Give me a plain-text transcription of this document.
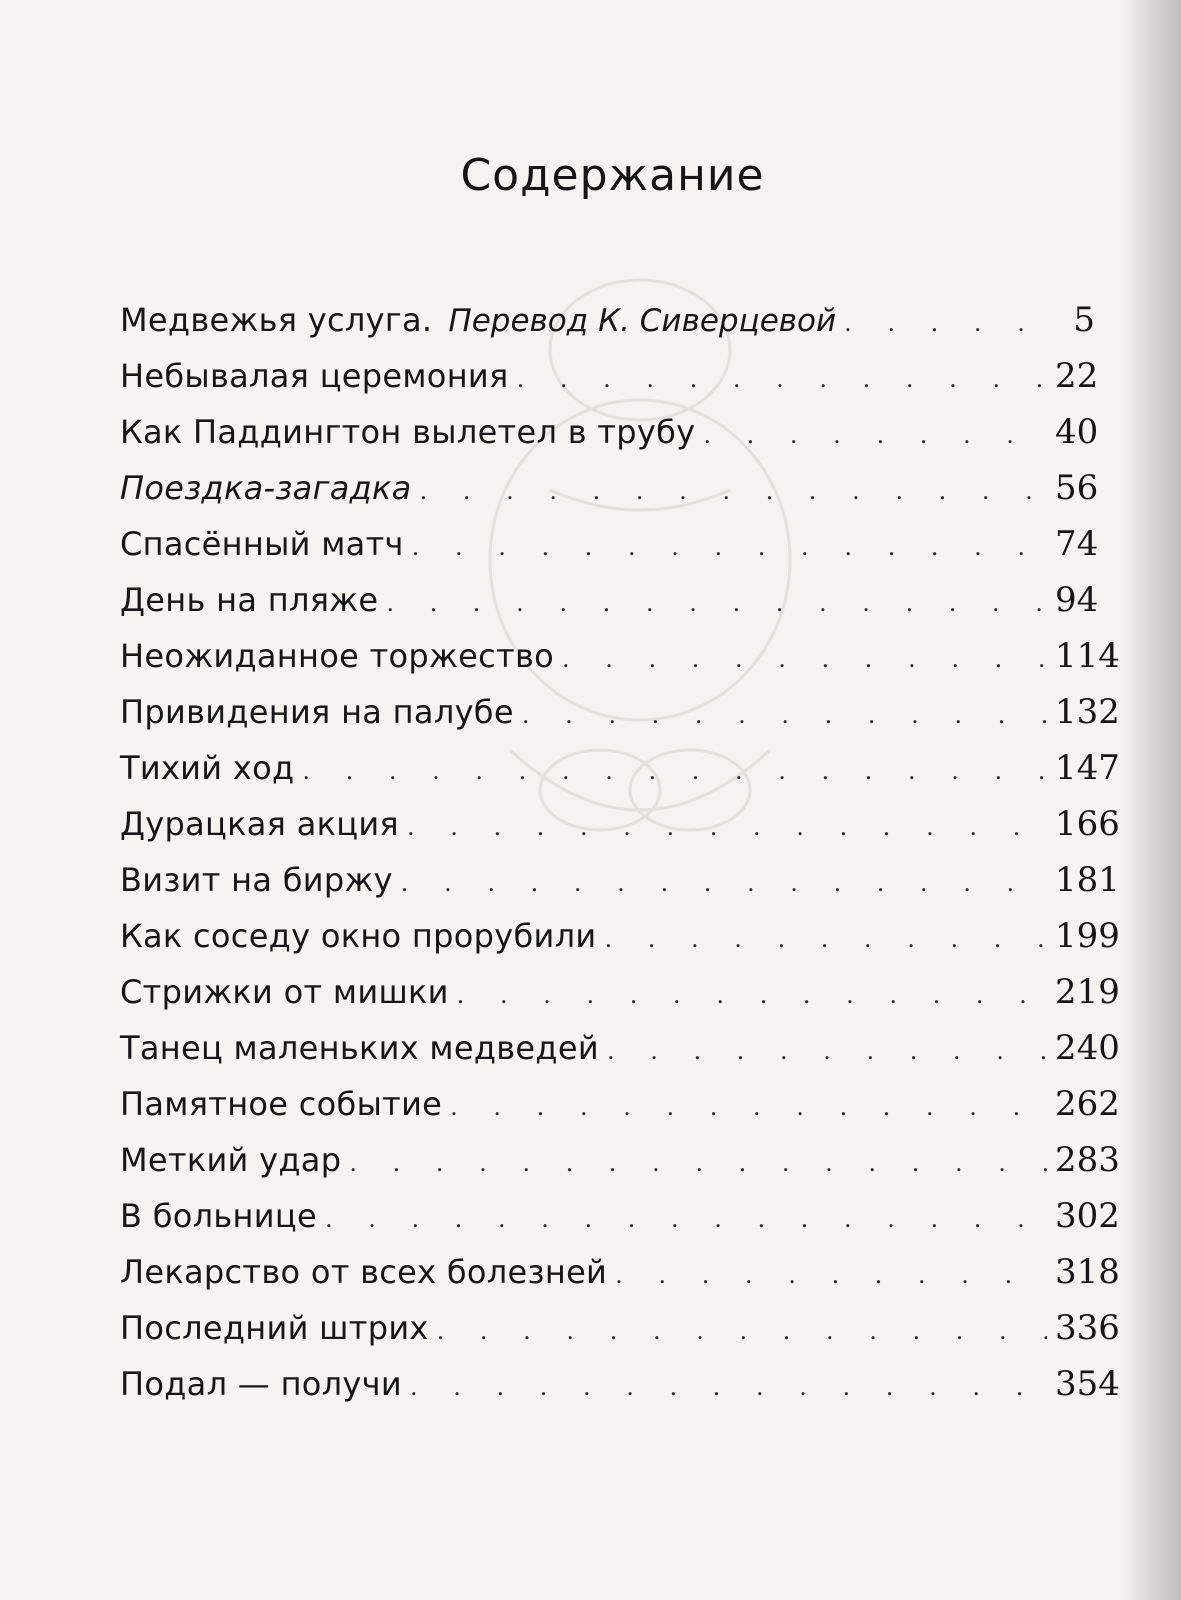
Содержание
Медвежья услуга. Перевод К. Сиверцевой . . .	5
Небывалая церемония . . .	22
Как Паддингтон вылетел в трубу . . .	40
Поездка-загадка . . .	56
Спасённый матч . . .	74
День на пляже . . .	94
Неожиданное торжество . . .	114
Привидения на палубе . . .	132
Тихий ход . . .	147
Дурацкая акция . . .	166
Визит на биржу . . .	181
Как соседу окно прорубили . . .	199
Стрижки от мишки . . .	219
Танец маленьких медведей . . .	240
Памятное событие . . .	262
Меткий удар . . .	283
В больнице . . .	302
Лекарство от всех болезней . . .	318
Последний штрих . . .	336
Подал — получи . . .	354
